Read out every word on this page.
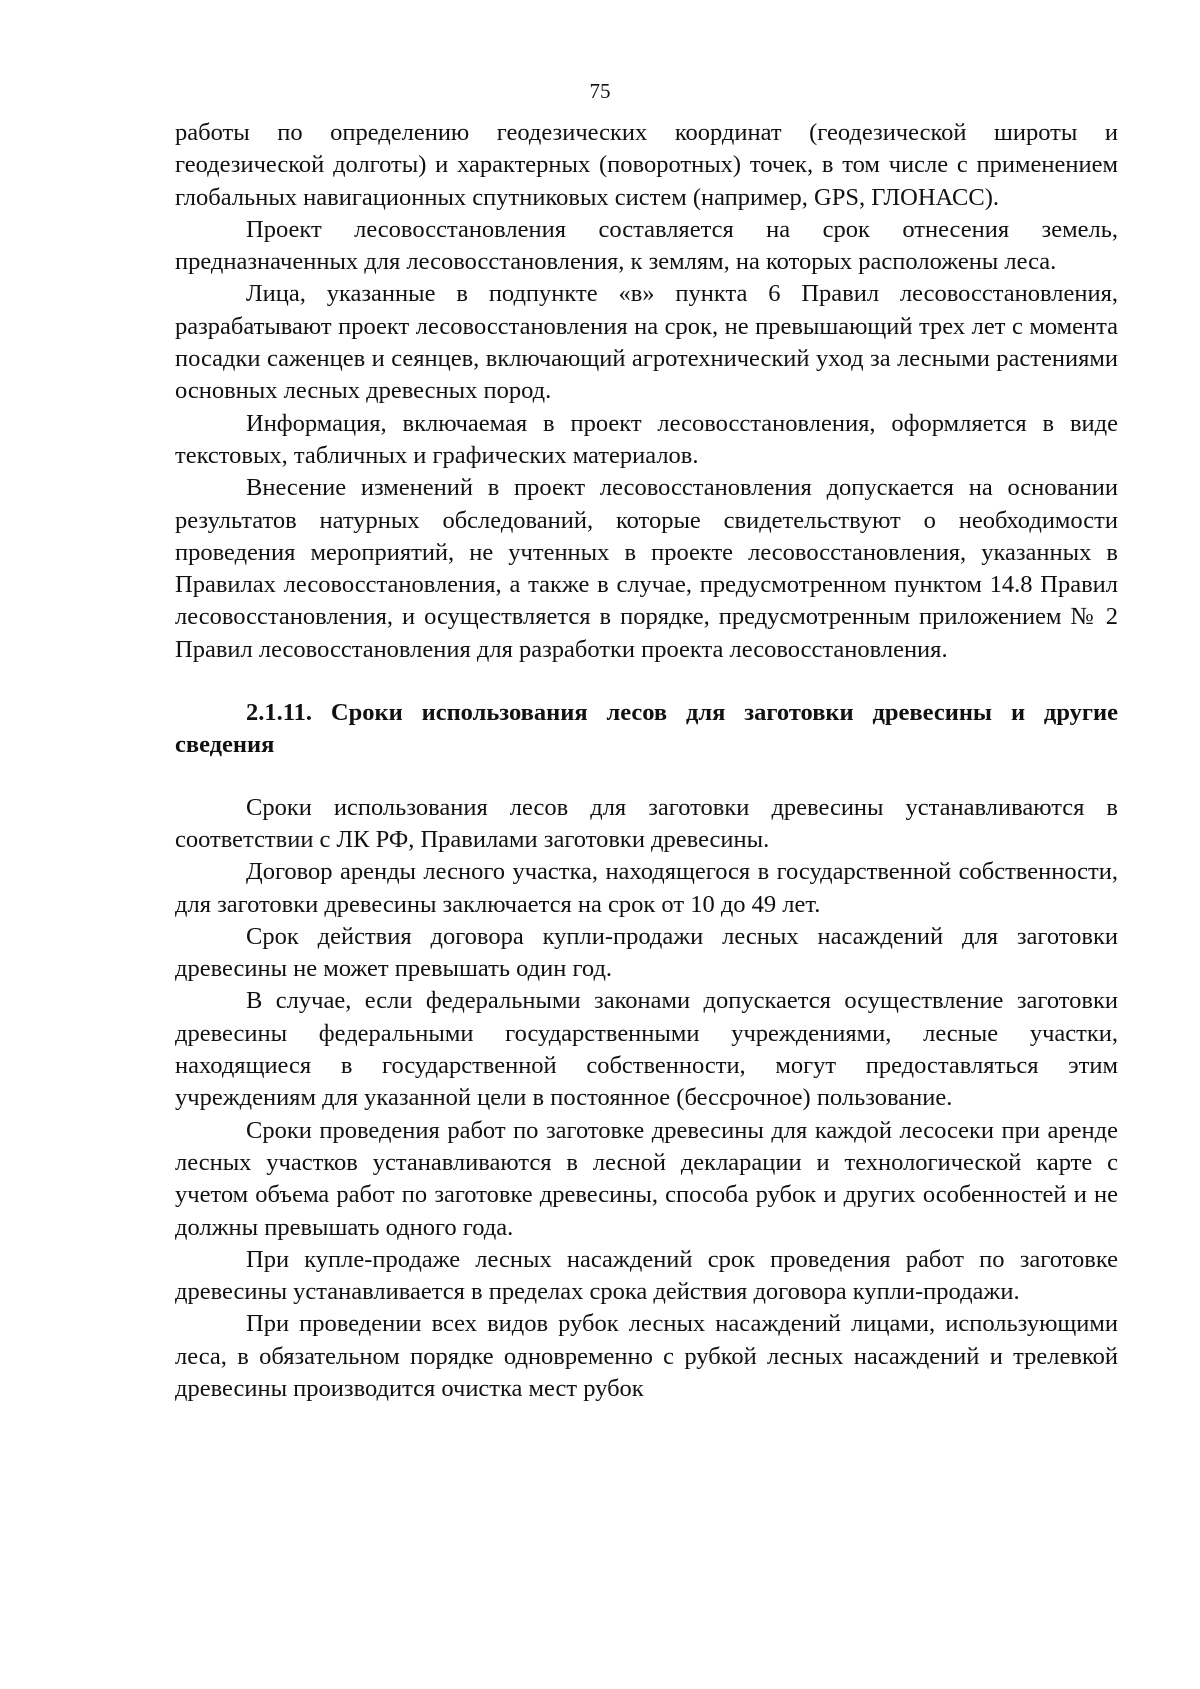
75

работы по определению геодезических координат (геодезической широты и геодезической долготы) и характерных (поворотных) точек, в том числе с применением глобальных навигационных спутниковых систем (например, GPS, ГЛОНАСС).

Проект лесовосстановления составляется на срок отнесения земель, предназначенных для лесовосстановления, к землям, на которых расположены леса.

Лица, указанные в подпункте «в» пункта 6 Правил лесовосстановления, разрабатывают проект лесовосстановления на срок, не превышающий трех лет с момента посадки саженцев и сеянцев, включающий агротехнический уход за лесными растениями основных лесных древесных пород.

Информация, включаемая в проект лесовосстановления, оформляется в виде текстовых, табличных и графических материалов.

Внесение изменений в проект лесовосстановления допускается на основании результатов натурных обследований, которые свидетельствуют о необходимости проведения мероприятий, не учтенных в проекте лесовосстановления, указанных в Правилах лесовосстановления, а также в случае, предусмотренном пунктом 14.8 Правил лесовосстановления, и осуществляется в порядке, предусмотренным приложением № 2 Правил лесовосстановления для разработки проекта лесовосстановления.

2.1.11. Сроки использования лесов для заготовки древесины и другие сведения

Сроки использования лесов для заготовки древесины устанавливаются в соответствии с ЛК РФ, Правилами заготовки древесины.

Договор аренды лесного участка, находящегося в государственной собственности, для заготовки древесины заключается на срок от 10 до 49 лет.

Срок действия договора купли-продажи лесных насаждений для заготовки древесины не может превышать один год.

В случае, если федеральными законами допускается осуществление заготовки древесины федеральными государственными учреждениями, лесные участки, находящиеся в государственной собственности, могут предоставляться этим учреждениям для указанной цели в постоянное (бессрочное) пользование.

Сроки проведения работ по заготовке древесины для каждой лесосеки при аренде лесных участков устанавливаются в лесной декларации и технологической карте с учетом объема работ по заготовке древесины, способа рубок и других особенностей и не должны превышать одного года.

При купле-продаже лесных насаждений срок проведения работ по заготовке древесины устанавливается в пределах срока действия договора купли-продажи.

При проведении всех видов рубок лесных насаждений лицами, использующими леса, в обязательном порядке одновременно с рубкой лесных насаждений и трелевкой древесины производится очистка мест рубок
